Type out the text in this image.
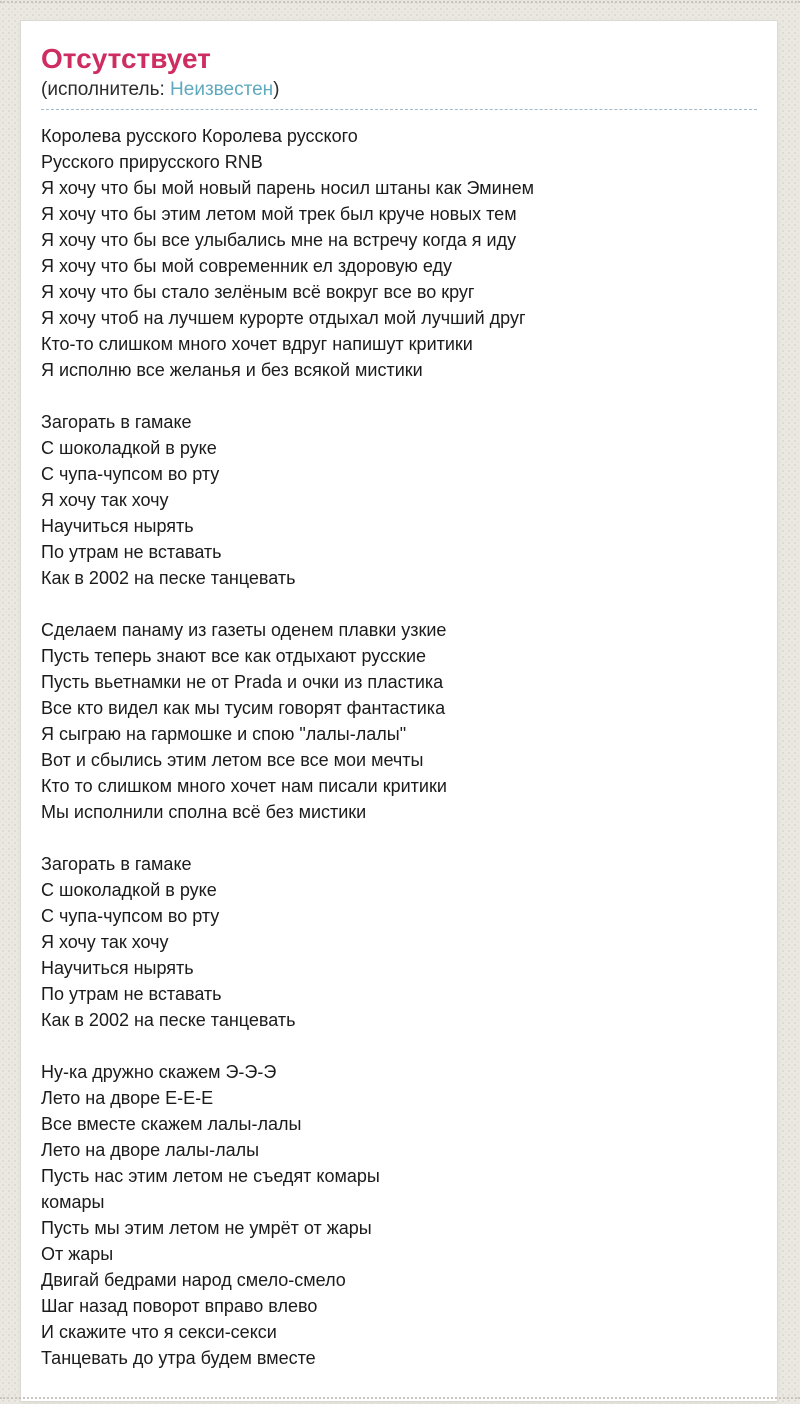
Отсутствует
(исполнитель: Неизвестен)
Королева русского Королева русского
Русского прирусского RNB
Я хочу что бы мой новый парень носил штаны как Эминем
Я хочу что бы этим летом мой трек был круче новых тем
Я хочу что бы все улыбались мне на встречу когда я иду
Я хочу что бы мой современник ел здоровую еду
Я хочу что бы стало зелёным всё вокруг все во круг
Я хочу чтоб на лучшем курорте отдыхал мой лучший друг
Кто-то слишком много хочет вдруг напишут критики
Я исполню все желанья и без всякой мистики
Загорать в гамаке
С шоколадкой в руке
С чупа-чупсом во рту
Я хочу так хочу
Научиться нырять
По утрам не вставать
Как в 2002 на песке танцевать
Сделаем панаму из газеты оденем плавки узкие
Пусть теперь знают все как отдыхают русские
Пусть вьетнамки не от Prada и очки из пластика
Все кто видел как мы тусим говорят фантастика
Я сыграю на гармошке и спою "лалы-лалы"
Вот и сбылись этим летом все все мои мечты
Кто то слишком много хочет нам писали критики
Мы исполнили сполна всё без мистики
Загорать в гамаке
С шоколадкой в руке
С чупа-чупсом во рту
Я хочу так хочу
Научиться нырять
По утрам не вставать
Как в 2002 на песке танцевать
Ну-ка дружно скажем Э-Э-Э
Лето на дворе Е-Е-Е
Все вместе скажем лалы-лалы
Лето на дворе лалы-лалы
Пусть нас этим летом не съедят комары
комары
Пусть мы этим летом не умрёт от жары
От жары
Двигай бедрами народ смело-смело
Шаг назад поворот вправо влево
И скажите что я секси-секси
Танцевать до утра будем вместе
